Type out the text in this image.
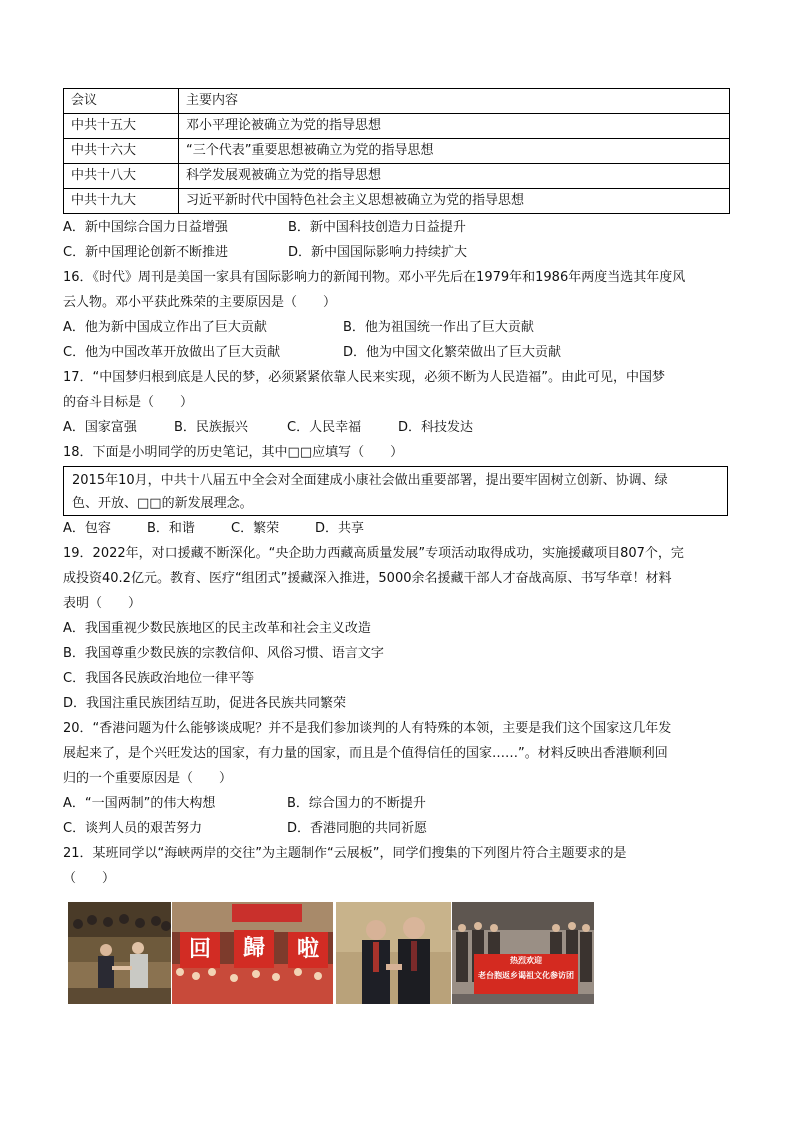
会议	主要内容
中共十五大	邓小平理论被确立为党的指导思想
中共十六大	“三个代表”重要思想被确立为党的指导思想
中共十八大	科学发展观被确立为党的指导思想
中共十九大	习近平新时代中国特色社会主义思想被确立为党的指导思想
A．新中国综合国力日益增强	B．新中国科技创造力日益提升
C．新中国理论创新不断推进	D．新中国国际影响力持续扩大
16．《时代》周刊是美国一家具有国际影响力的新闻刊物。邓小平先后在1979年和1986年两度当选其年度风
云人物。邓小平获此殊荣的主要原因是（　　）
A．他为新中国成立作出了巨大贡献	B．他为祖国统一作出了巨大贡献
C．他为中国改革开放做出了巨大贡献	D．他为中国文化繁荣做出了巨大贡献
17．“中国梦归根到底是人民的梦，必须紧紧依靠人民来实现，必须不断为人民造福”。由此可见，中国梦
的奋斗目标是（　　）
A．国家富强	B．民族振兴	C．人民幸福	D．科技发达
18．下面是小明同学的历史笔记，其中□□应填写（　　）
2015年10月，中共十八届五中全会对全面建成小康社会做出重要部署，提出要牢固树立创新、协调、绿
色、开放、□□的新发展理念。
A．包容	B．和谐	C．繁荣	D．共享
19．2022年，对口援藏不断深化。“央企助力西藏高质量发展”专项活动取得成功，实施援藏项目807个，完
成投资40.2亿元。教育、医疗“组团式”援藏深入推进，5000余名援藏干部人才奋战高原、书写华章！材料
表明（　　）
A．我国重视少数民族地区的民主改革和社会主义改造
B．我国尊重少数民族的宗教信仰、风俗习惯、语言文字
C．我国各民族政治地位一律平等
D．我国注重民族团结互助，促进各民族共同繁荣
20．“香港问题为什么能够谈成呢？并不是我们参加谈判的人有特殊的本领，主要是我们这个国家这几年发
展起来了，是个兴旺发达的国家，有力量的国家，而且是个值得信任的国家……”。材料反映出香港顺利回
归的一个重要原因是（　　）
A．“一国两制”的伟大构想	B．综合国力的不断提升
C．谈判人员的艰苦努力	D．香港同胞的共同祈愿
21．某班同学以“海峡两岸的交往”为主题制作“云展板”，同学们搜集的下列图片符合主题要求的是
（　　）
回	歸	啦	热烈欢迎
老台胞返乡谒祖文化参访团
